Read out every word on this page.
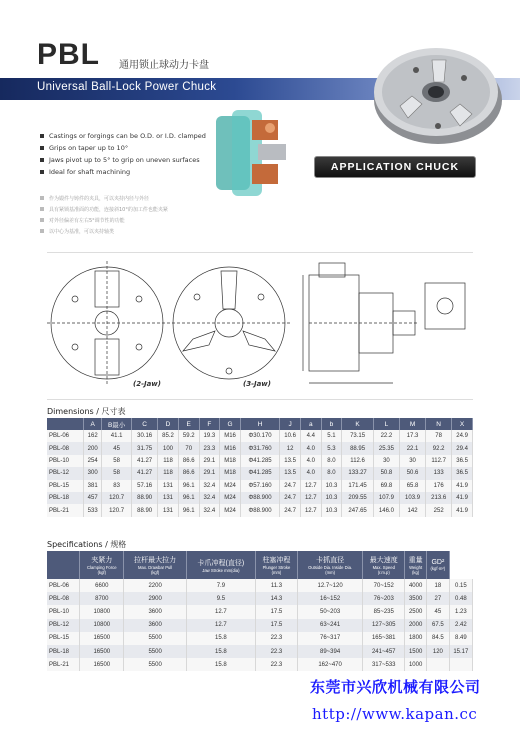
PBL 通用锁止球动力卡盘
Universal Ball-Lock Power Chuck
APPLICATION CHUCK
Castings or forgings can be O.D. or I.D. clamped
Grips on taper up to 10°
Jaws pivot up to 5° to grip on uneven surfaces
Ideal for shaft machining
作为锻件与铸件的夹具，可以夹持内径与外径
具有紧锁基准面的功能，连接斜10°的加工件也能夹紧
对外径偏差有左右5°调节性的功能
以中心为基准，可以夹持轴类
(2-Jaw)	(3-Jaw)
Dimensions / 尺寸表
	A	B最小	C	D	E	F	G	H	J	a	b	K	L	M	N	X
PBL-06	162	41.1	30.16	85.2	59.2	19.3	M16	Φ30.170	10.6	4.4	5.1	73.15	22.2	17.3	78	24.9
PBL-08	200	45	31.75	100	70	23.3	M16	Φ31.760	12	4.0	5.3	88.95	25.35	22.1	92.2	29.4
PBL-10	254	58	41.27	118	86.6	29.1	M18	Φ41.285	13.5	4.0	8.0	112.6	30	30	112.7	36.5
PBL-12	300	58	41.27	118	86.6	29.1	M18	Φ41.285	13.5	4.0	8.0	133.27	50.8	50.6	133	36.5
PBL-15	381	83	57.16	131	96.1	32.4	M24	Φ57.160	24.7	12.7	10.3	171.45	69.8	65.8	176	41.9
PBL-18	457	120.7	88.90	131	96.1	32.4	M24	Φ88.900	24.7	12.7	10.3	209.55	107.9	103.9	213.6	41.9
PBL-21	533	120.7	88.90	131	96.1	32.4	M24	Φ88.900	24.7	12.7	10.3	247.65	146.0	142	252	41.9
Specifications / 规格

	夹紧力
Clamping Force
(kgf)	拉杆最大拉力
Max. Drawbar Pull
(kgf)	卡爪冲程(直径)
Jaw Stroke mm(dia)	柱塞冲程
Plunger Stroke
(mm)	卡抓直径
Outside Dia. Inside Dia.
(mm)	最大速度
Max. Speed
(r.m.p)	重量
Weight
(kg)	GD²
(kgf·m²)	

PBL-06	6600	2200	7.9	11.3	12.7~120	70~152	4000	18	0.15
PBL-08	8700	2900	9.5	14.3	16~152	76~203	3500	27	0.48
PBL-10	10800	3600	12.7	17.5	50~203	85~235	2500	45	1.23
PBL-12	10800	3600	12.7	17.5	63~241	127~305	2000	67.5	2.42
PBL-15	16500	5500	15.8	22.3	76~317	165~381	1800	84.5	8.49
PBL-18	16500	5500	15.8	22.3	89~394	241~457	1500	120	15.17
PBL-21	16500	5500	15.8	22.3	162~470	317~533	1000		
东莞市兴欣机械有限公司
http://www.kapan.cc
